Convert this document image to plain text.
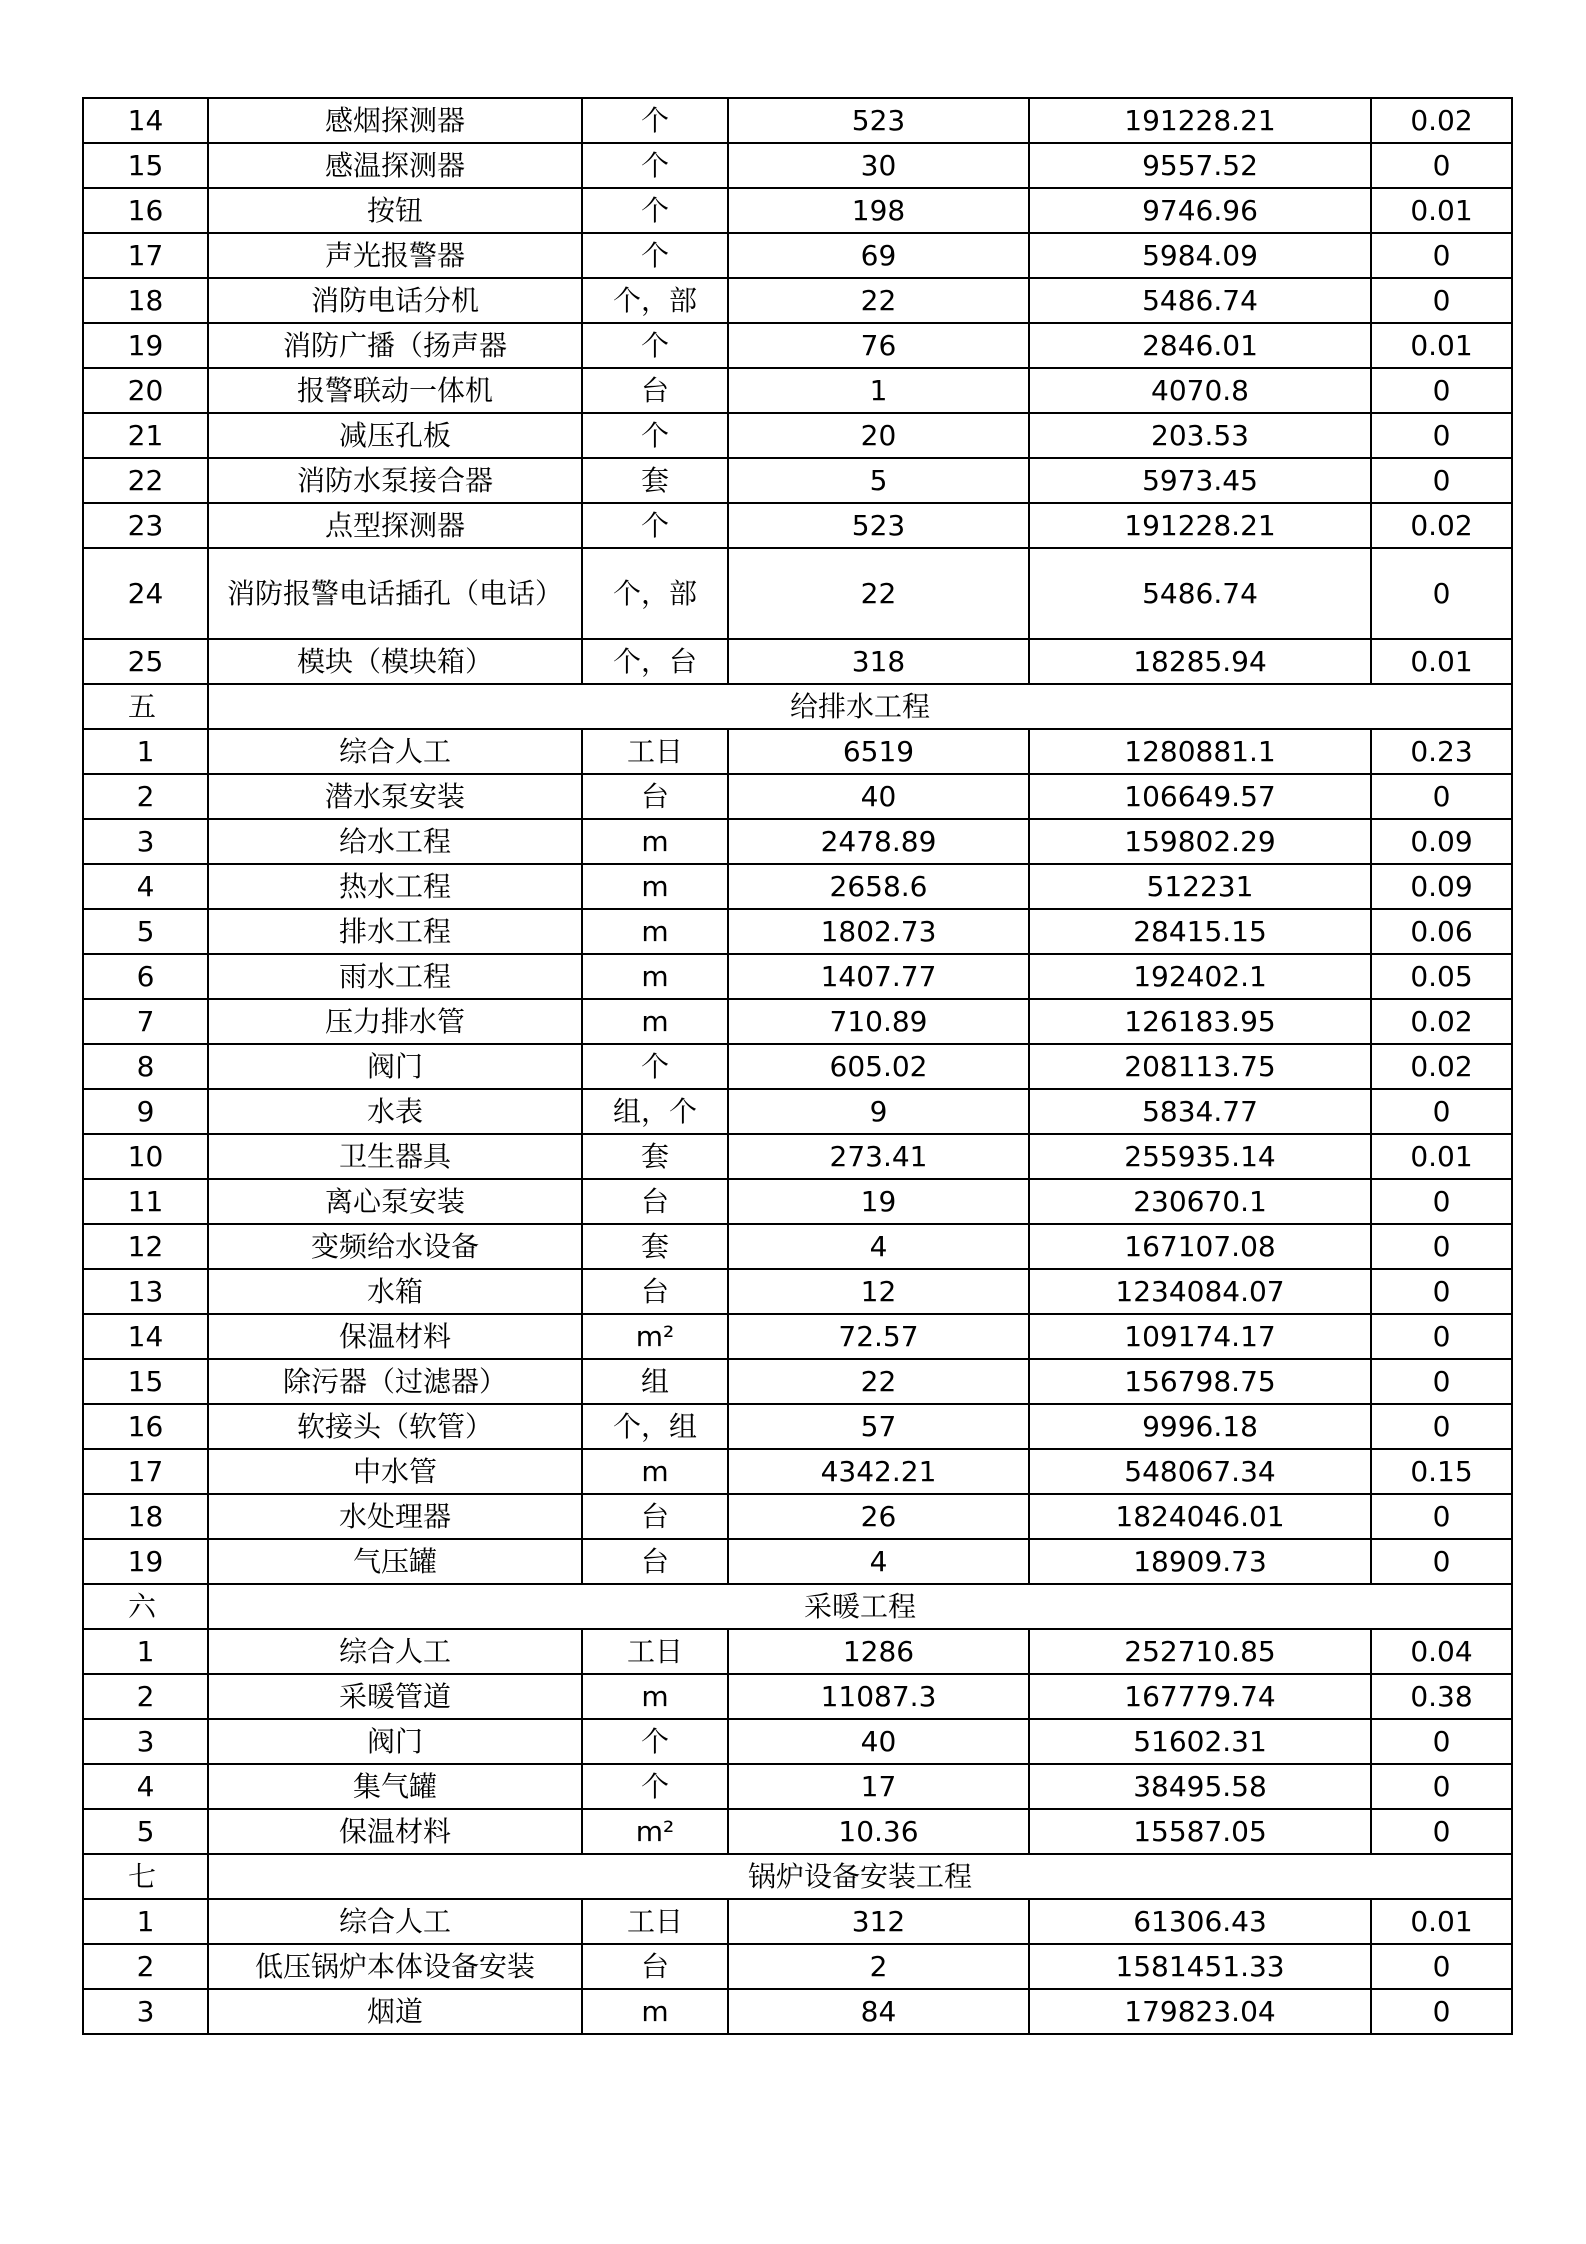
14	感烟探测器	个	523	191228.21	0.02
15	感温探测器	个	30	9557.52	0
16	按钮	个	198	9746.96	0.01
17	声光报警器	个	69	5984.09	0
18	消防电话分机	个，部	22	5486.74	0
19	消防广播（扬声器	个	76	2846.01	0.01
20	报警联动一体机	台	1	4070.8	0
21	减压孔板	个	20	203.53	0
22	消防水泵接合器	套	5	5973.45	0
23	点型探测器	个	523	191228.21	0.02
24	消防报警电话插孔（电话）	个，部	22	5486.74	0
25	模块（模块箱）	个，台	318	18285.94	0.01
五	给排水工程				
1	综合人工	工日	6519	1280881.1	0.23
2	潜水泵安装	台	40	106649.57	0
3	给水工程	m	2478.89	159802.29	0.09
4	热水工程	m	2658.6	512231	0.09
5	排水工程	m	1802.73	28415.15	0.06
6	雨水工程	m	1407.77	192402.1	0.05
7	压力排水管	m	710.89	126183.95	0.02
8	阀门	个	605.02	208113.75	0.02
9	水表	组，个	9	5834.77	0
10	卫生器具	套	273.41	255935.14	0.01
11	离心泵安装	台	19	230670.1	0
12	变频给水设备	套	4	167107.08	0
13	水箱	台	12	1234084.07	0
14	保温材料	m²	72.57	109174.17	0
15	除污器（过滤器）	组	22	156798.75	0
16	软接头（软管）	个，组	57	9996.18	0
17	中水管	m	4342.21	548067.34	0.15
18	水处理器	台	26	1824046.01	0
19	气压罐	台	4	18909.73	0
六	采暖工程				
1	综合人工	工日	1286	252710.85	0.04
2	采暖管道	m	11087.3	167779.74	0.38
3	阀门	个	40	51602.31	0
4	集气罐	个	17	38495.58	0
5	保温材料	m²	10.36	15587.05	0
七	锅炉设备安装工程				
1	综合人工	工日	312	61306.43	0.01
2	低压锅炉本体设备安装	台	2	1581451.33	0
3	烟道	m	84	179823.04	0
